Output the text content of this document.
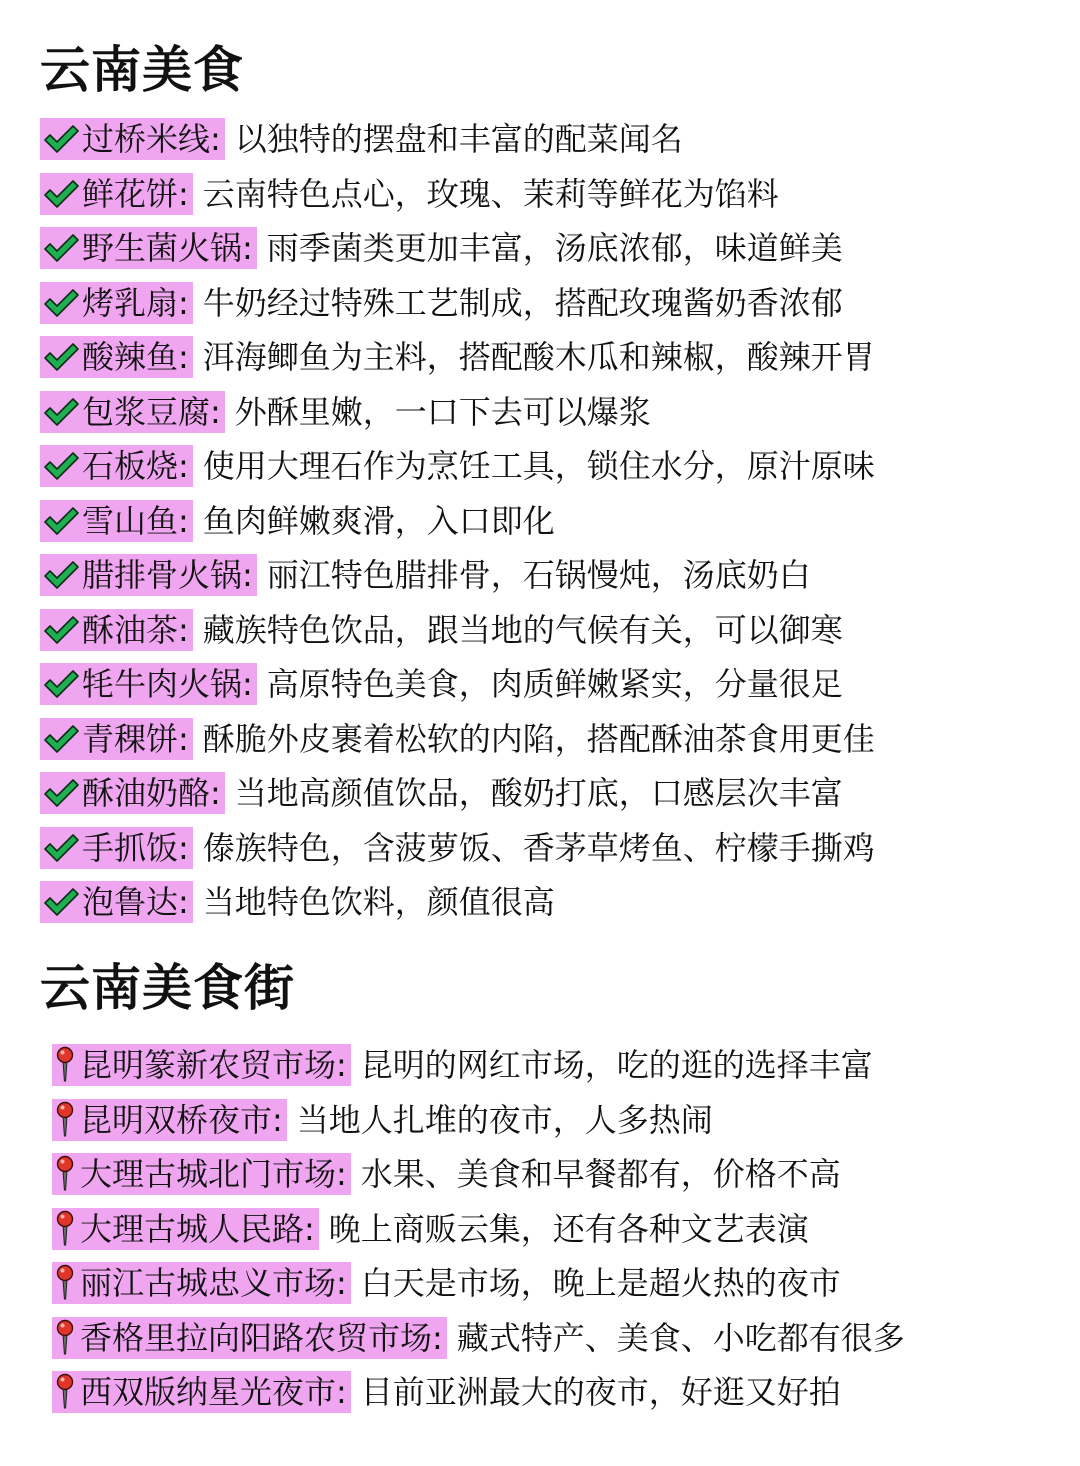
云南美食
过桥米线 : 以独特的摆盘和丰富的配菜闻名
鲜花饼 : 云南特色点心，玫瑰、茉莉等鲜花为馅料
野生菌火锅 : 雨季菌类更加丰富，汤底浓郁，味道鲜美
烤乳扇 : 牛奶经过特殊工艺制成，搭配玫瑰酱奶香浓郁
酸辣鱼 : 洱海鲫鱼为主料，搭配酸木瓜和辣椒，酸辣开胃
包浆豆腐 : 外酥里嫩，一口下去可以爆浆
石板烧 : 使用大理石作为烹饪工具，锁住水分，原汁原味
雪山鱼 : 鱼肉鲜嫩爽滑，入口即化
腊排骨火锅 : 丽江特色腊排骨，石锅慢炖，汤底奶白
酥油茶 : 藏族特色饮品，跟当地的气候有关，可以御寒
牦牛肉火锅 : 高原特色美食，肉质鲜嫩紧实，分量很足
青稞饼 : 酥脆外皮裹着松软的内陷，搭配酥油茶食用更佳
酥油奶酪 : 当地高颜值饮品，酸奶打底，口感层次丰富
手抓饭 : 傣族特色，含菠萝饭、香茅草烤鱼、柠檬手撕鸡
泡鲁达 : 当地特色饮料，颜值很高
云南美食街
昆明篆新农贸市场 : 昆明的网红市场，吃的逛的选择丰富
昆明双桥夜市 : 当地人扎堆的夜市，人多热闹
大理古城北门市场 : 水果、美食和早餐都有，价格不高
大理古城人民路 : 晚上商贩云集，还有各种文艺表演
丽江古城忠义市场 : 白天是市场，晚上是超火热的夜市
香格里拉向阳路农贸市场 : 藏式特产、美食、小吃都有很多
西双版纳星光夜市 : 目前亚洲最大的夜市，好逛又好拍
